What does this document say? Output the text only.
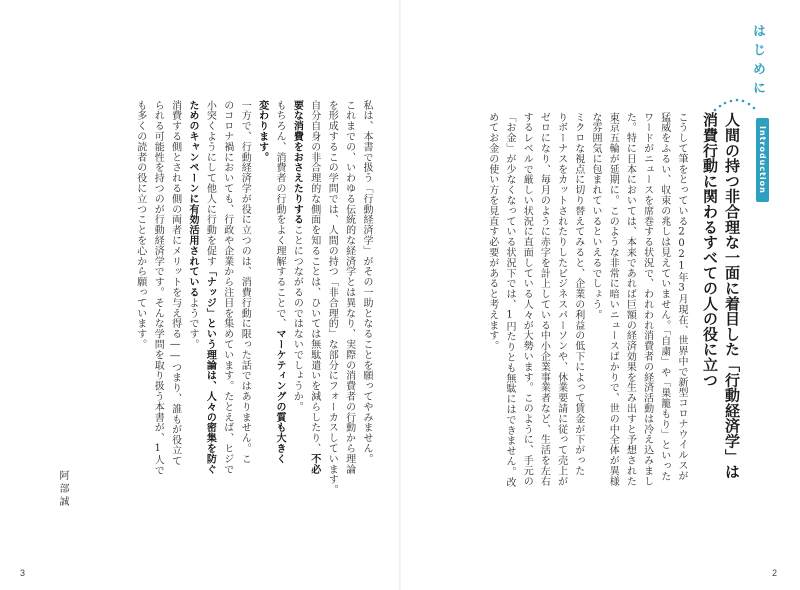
3
阿部誠
私は、本書で扱う「行動経済学」がその一助となることを願ってやみません。
これまでの、いわゆる伝統的な経済学とは異なり、実際の消費者の行動から理論
を形成するこの学問では、人間の持つ「非合理的」な部分にフォーカスしています。
自分自身の非合理的な側面を知ることは、ひいては無駄遣いを減らしたり、不必
要な消費をおさえたりすることにつながるのではないでしょうか。
もちろん、消費者の行動をよく理解することで、マーケティングの質も大きく
変わります。
一方で、行動経済学が役に立つのは、消費行動に限った話ではありません。こ
のコロナ禍においても、行政や企業から注目を集めています。たとえば、ヒジで
小突くようにして他人に行動を促す「ナッジ」という理論は、人々の密集を防ぐ
ためのキャンペーンに有効活用されているようです。
消費する側とされる側の両者にメリットを与え得る――つまり、誰もが役立て
られる可能性を持つのが行動経済学です。そんな学問を取り扱う本書が、1人で
も多くの読者の役に立つことを心から願っています。
はじめに
Introduction
人間の持つ非合理な一面に着目した「行動経済学」は
消費行動に関わるすべての人の役に立つ
2
こうして筆をとっている2021年3月現在、世界中で新型コロナウイルスが
猛威をふるい、収束の兆しは見えていません。「自粛」や「巣籠もり」といった
ワードがニュースを席巻する状況で、われわれ消費者の経済活動は冷え込みまし
た。特に日本においては、本来であれば巨額の経済効果を生み出すと予想された
東京五輪が延期に。このような非常に暗いニュースばかりで、世の中全体が異様
な雰囲気に包まれているといえるでしょう。
ミクロな視点に切り替えてみると、企業の利益の低下によって賃金が下がった
りボーナスをカットされたりしたビジネスパーソンや、休業要請に従って売上が
ゼロになり、毎月のように赤字を計上している中小企業事業者など、生活を左右
するレベルで厳しい状況に直面している人々が大勢います。このように、手元の
「お金」が少なくなっている状況下では、1円たりとも無駄にはできません。改
めてお金の使い方を見直す必要があると考えます。
